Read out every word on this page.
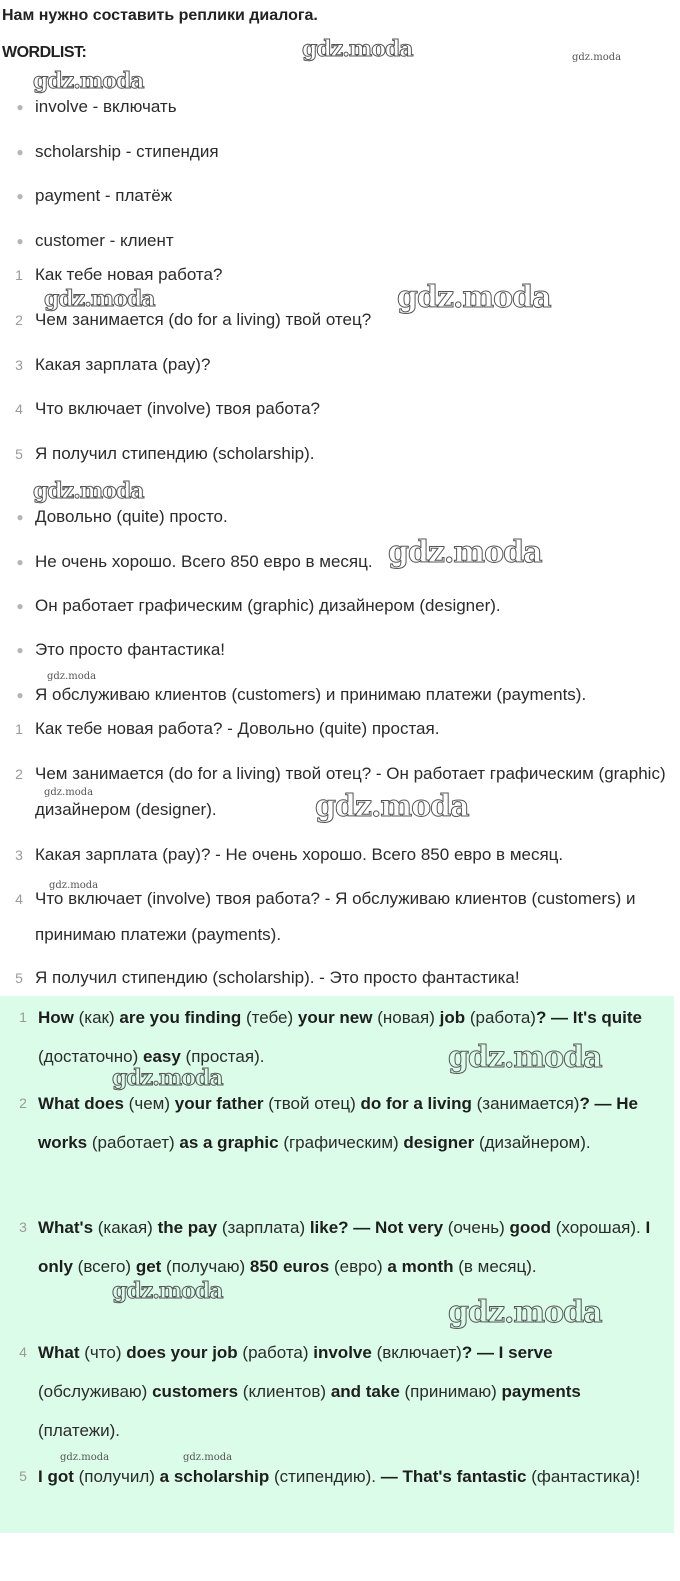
Нам нужно составить реплики диалога.
WORDLIST:
● involve - включать
● scholarship - стипендия
● payment - платёж
● customer - клиент
1 Как тебе новая работа?
2 Чем занимается (do for a living) твой отец?
3 Какая зарплата (pay)?
4 Что включает (involve) твоя работа?
5 Я получил стипендию (scholarship).
● Довольно (quite) просто.
● Не очень хорошо. Всего 850 евро в месяц.
● Он работает графическим (graphic) дизайнером (designer).
● Это просто фантастика!
● Я обслуживаю клиентов (customers) и принимаю платежи (payments).
1 Как тебе новая работа? - Довольно (quite) простая.
2 Чем занимается (do for a living) твой отец? - Он работает графическим (graphic) дизайнером (designer).
3 Какая зарплата (pay)? - Не очень хорошо. Всего 850 евро в месяц.
4 Что включает (involve) твоя работа? - Я обслуживаю клиентов (customers) и принимаю платежи (payments).
5 Я получил стипендию (scholarship). - Это просто фантастика!
1 How (как) are you finding (тебе) your new (новая) job (работа)? — It's quite (достаточно) easy (простая).
2 What does (чем) your father (твой отец) do for a living (занимается)? — He works (работает) as a graphic (графическим) designer (дизайнером).
3 What's (какая) the pay (зарплата) like? — Not very (очень) good (хорошая). I only (всего) get (получаю) 850 euros (евро) a month (в месяц).
4 What (что) does your job (работа) involve (включает)? — I serve (обслуживаю) customers (клиентов) and take (принимаю) payments (платежи).
5 I got (получил) a scholarship (стипендию). — That's fantastic (фантастика)!
gdz.moda	gdz.moda
gdz.moda
gdz.moda	gdz.moda
gdz.moda
gdz.moda
gdz.moda
gdz.moda	gdz.moda
gdz.moda
gdz.moda
gdz.moda
gdz.moda
gdz.moda
gdz.moda	gdz.moda
